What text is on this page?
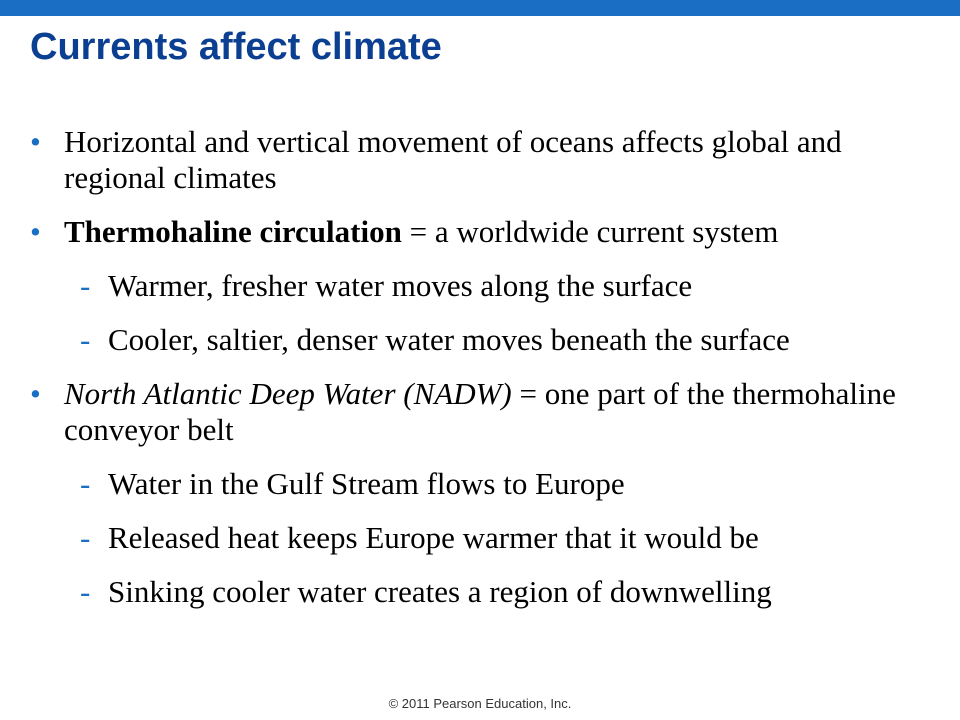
Currents affect climate
• Horizontal and vertical movement of oceans affects global and regional climates
• Thermohaline circulation = a worldwide current system
- Warmer, fresher water moves along the surface
- Cooler, saltier, denser water moves beneath the surface
• North Atlantic Deep Water (NADW) = one part of the thermohaline conveyor belt
- Water in the Gulf Stream flows to Europe
- Released heat keeps Europe warmer that it would be
- Sinking cooler water creates a region of downwelling
© 2011 Pearson Education, Inc.
